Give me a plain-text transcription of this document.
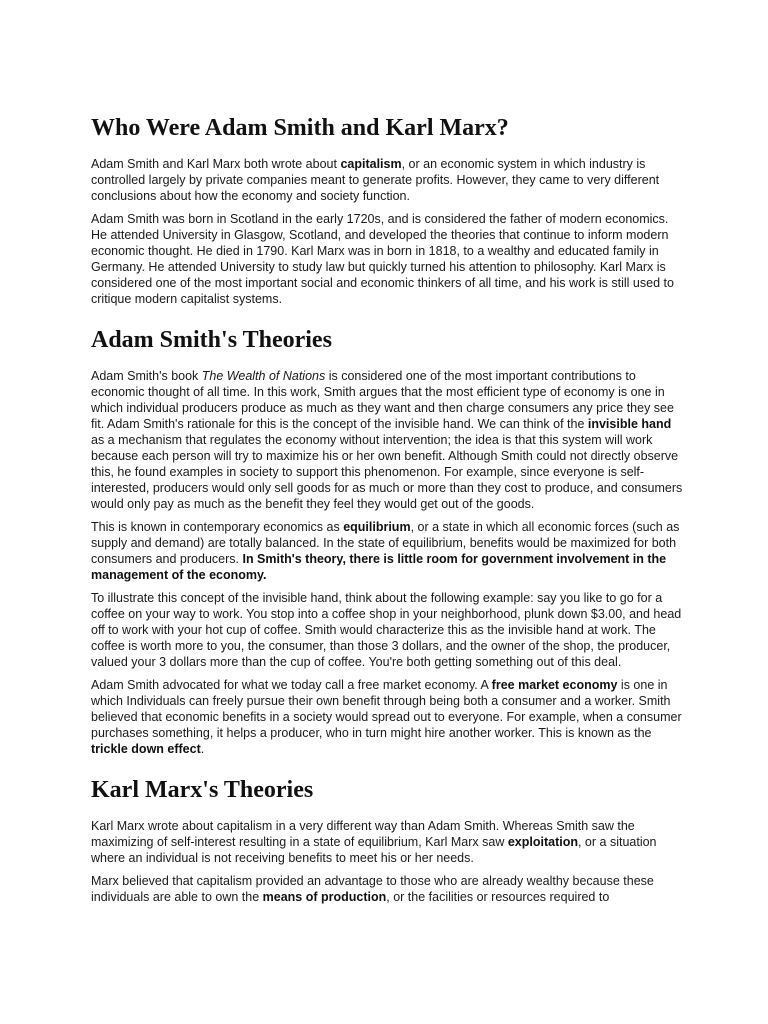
Who Were Adam Smith and Karl Marx?

Adam Smith and Karl Marx both wrote about capitalism, or an economic system in which industry is controlled largely by private companies meant to generate profits. However, they came to very different conclusions about how the economy and society function.

Adam Smith was born in Scotland in the early 1720s, and is considered the father of modern economics. He attended University in Glasgow, Scotland, and developed the theories that continue to inform modern economic thought. He died in 1790. Karl Marx was in born in 1818, to a wealthy and educated family in Germany. He attended University to study law but quickly turned his attention to philosophy. Karl Marx is considered one of the most important social and economic thinkers of all time, and his work is still used to critique modern capitalist systems.

Adam Smith's Theories

Adam Smith's book The Wealth of Nations is considered one of the most important contributions to economic thought of all time. In this work, Smith argues that the most efficient type of economy is one in which individual producers produce as much as they want and then charge consumers any price they see fit. Adam Smith's rationale for this is the concept of the invisible hand. We can think of the invisible hand as a mechanism that regulates the economy without intervention; the idea is that this system will work because each person will try to maximize his or her own benefit. Although Smith could not directly observe this, he found examples in society to support this phenomenon. For example, since everyone is self-interested, producers would only sell goods for as much or more than they cost to produce, and consumers would only pay as much as the benefit they feel they would get out of the goods.

This is known in contemporary economics as equilibrium, or a state in which all economic forces (such as supply and demand) are totally balanced. In the state of equilibrium, benefits would be maximized for both consumers and producers. In Smith's theory, there is little room for government involvement in the management of the economy.

To illustrate this concept of the invisible hand, think about the following example: say you like to go for a coffee on your way to work. You stop into a coffee shop in your neighborhood, plunk down $3.00, and head off to work with your hot cup of coffee. Smith would characterize this as the invisible hand at work. The coffee is worth more to you, the consumer, than those 3 dollars, and the owner of the shop, the producer, valued your 3 dollars more than the cup of coffee. You're both getting something out of this deal.

Adam Smith advocated for what we today call a free market economy. A free market economy is one in which Individuals can freely pursue their own benefit through being both a consumer and a worker. Smith believed that economic benefits in a society would spread out to everyone. For example, when a consumer purchases something, it helps a producer, who in turn might hire another worker. This is known as the trickle down effect.

Karl Marx's Theories

Karl Marx wrote about capitalism in a very different way than Adam Smith. Whereas Smith saw the maximizing of self-interest resulting in a state of equilibrium, Karl Marx saw exploitation, or a situation where an individual is not receiving benefits to meet his or her needs.

Marx believed that capitalism provided an advantage to those who are already wealthy because these individuals are able to own the means of production, or the facilities or resources required to
